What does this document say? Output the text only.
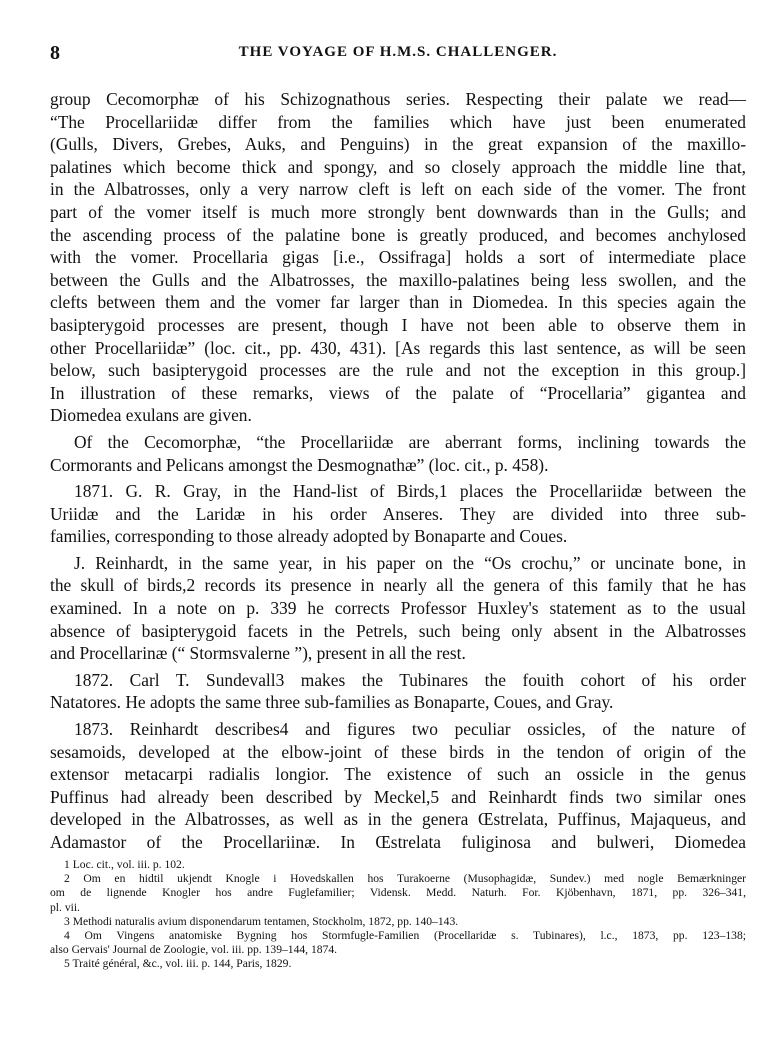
8	THE VOYAGE OF H.M.S. CHALLENGER.
group Cecomorphæ of his Schizognathous series. Respecting their palate we read—
“The Procellariidæ differ from the families which have just been enumerated
(Gulls, Divers, Grebes, Auks, and Penguins) in the great expansion of the maxillo-
palatines which become thick and spongy, and so closely approach the middle line that,
in the Albatrosses, only a very narrow cleft is left on each side of the vomer. The front
part of the vomer itself is much more strongly bent downwards than in the Gulls; and
the ascending process of the palatine bone is greatly produced, and becomes anchylosed
with the vomer. Procellaria gigas [i.e., Ossifraga] holds a sort of intermediate place
between the Gulls and the Albatrosses, the maxillo-palatines being less swollen, and the
clefts between them and the vomer far larger than in Diomedea. In this species again the
basipterygoid processes are present, though I have not been able to observe them in
other Procellariidæ” (loc. cit., pp. 430, 431). [As regards this last sentence, as will be seen
below, such basipterygoid processes are the rule and not the exception in this group.]
In illustration of these remarks, views of the palate of “Procellaria” gigantea and
Diomedea exulans are given.
Of the Cecomorphæ, “the Procellariidæ are aberrant forms, inclining towards the
Cormorants and Pelicans amongst the Desmognathæ” (loc. cit., p. 458).
1871. G. R. Gray, in the Hand-list of Birds,1 places the Procellariidæ between the
Uriidæ and the Laridæ in his order Anseres. They are divided into three sub-
families, corresponding to those already adopted by Bonaparte and Coues.
J. Reinhardt, in the same year, in his paper on the “Os crochu,” or uncinate bone, in
the skull of birds,2 records its presence in nearly all the genera of this family that he has
examined. In a note on p. 339 he corrects Professor Huxley's statement as to the usual
absence of basipterygoid facets in the Petrels, such being only absent in the Albatrosses
and Procellarinæ (“ Stormsvalerne ”), present in all the rest.
1872. Carl T. Sundevall3 makes the Tubinares the fouith cohort of his order
Natatores. He adopts the same three sub-families as Bonaparte, Coues, and Gray.
1873. Reinhardt describes4 and figures two peculiar ossicles, of the nature of
sesamoids, developed at the elbow-joint of these birds in the tendon of origin of the
extensor metacarpi radialis longior. The existence of such an ossicle in the genus
Puffinus had already been described by Meckel,5 and Reinhardt finds two similar ones
developed in the Albatrosses, as well as in the genera Œstrelata, Puffinus, Majaqueus, and
Adamastor of the Procellariinæ. In Œstrelata fuliginosa and bulweri, Diomedea
1 Loc. cit., vol. iii. p. 102.
2 Om en hidtil ukjendt Knogle i Hovedskallen hos Turakoerne (Musophagidæ, Sundev.) med nogle Bemærkninger
om de lignende Knogler hos andre Fuglefamilier; Vidensk. Medd. Naturh. For. Kjöbenhavn, 1871, pp. 326–341,
pl. vii.
3 Methodi naturalis avium disponendarum tentamen, Stockholm, 1872, pp. 140–143.
4 Om Vingens anatomiske Bygning hos Stormfugle-Familien (Procellaridæ s. Tubinares), l.c., 1873, pp. 123–138;
also Gervais' Journal de Zoologie, vol. iii. pp. 139–144, 1874.
5 Traité général, &c., vol. iii. p. 144, Paris, 1829.
